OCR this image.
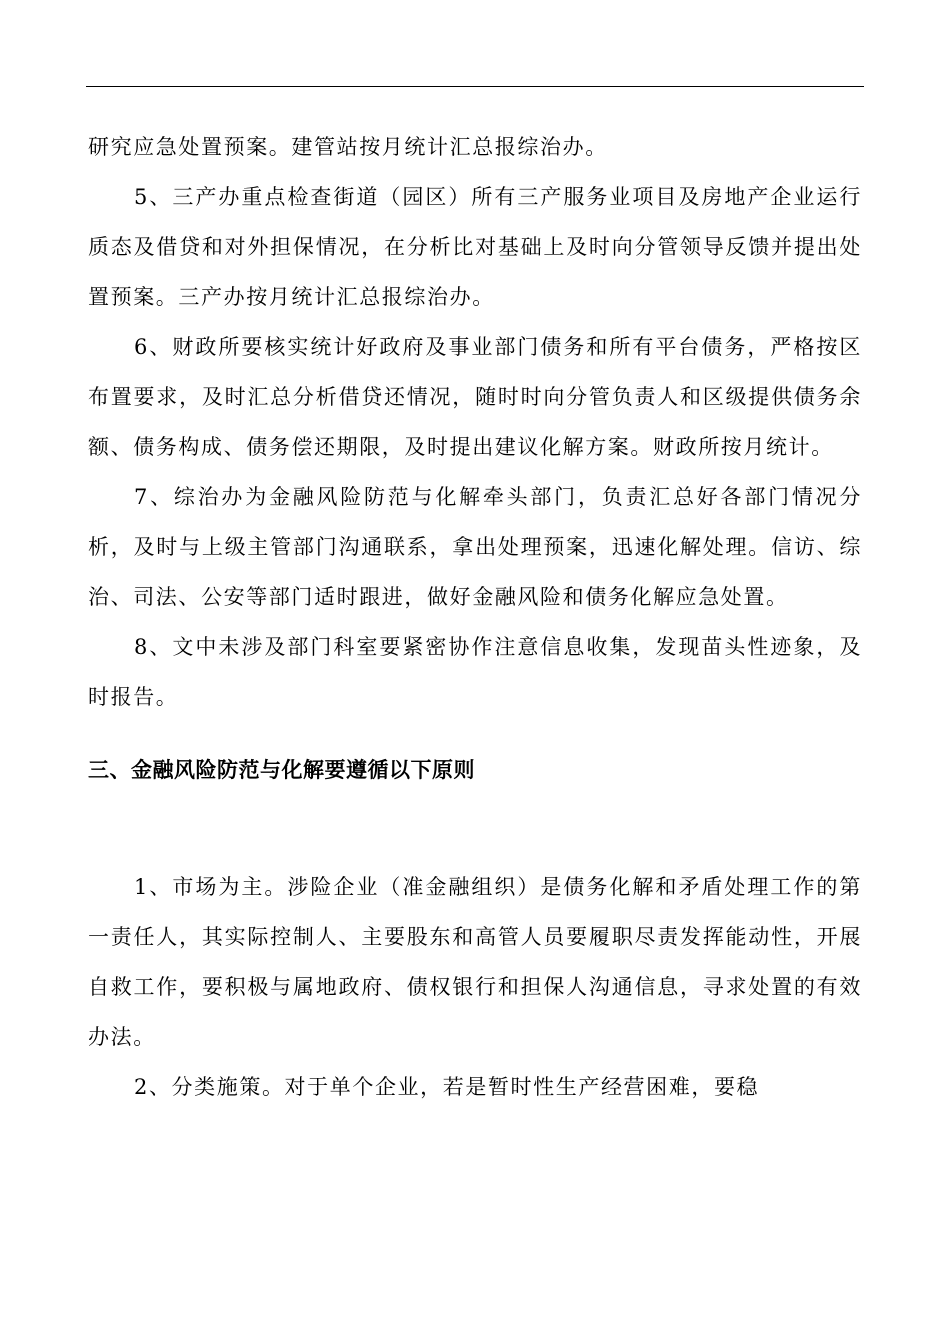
研究应急处置预案。建管站按月统计汇总报综治办。

5、三产办重点检查街道（园区）所有三产服务业项目及房地产企业运行质态及借贷和对外担保情况，在分析比对基础上及时向分管领导反馈并提出处置预案。三产办按月统计汇总报综治办。

6、财政所要核实统计好政府及事业部门债务和所有平台债务，严格按区布置要求，及时汇总分析借贷还情况，随时时向分管负责人和区级提供债务余额、债务构成、债务偿还期限，及时提出建议化解方案。财政所按月统计。

7、综治办为金融风险防范与化解牵头部门，负责汇总好各部门情况分析，及时与上级主管部门沟通联系，拿出处理预案，迅速化解处理。信访、综治、司法、公安等部门适时跟进，做好金融风险和债务化解应急处置。

8、文中未涉及部门科室要紧密协作注意信息收集，发现苗头性迹象，及时报告。

三、金融风险防范与化解要遵循以下原则

1、市场为主。涉险企业（准金融组织）是债务化解和矛盾处理工作的第一责任人，其实际控制人、主要股东和高管人员要履职尽责发挥能动性，开展自救工作，要积极与属地政府、债权银行和担保人沟通信息，寻求处置的有效办法。

2、分类施策。对于单个企业，若是暂时性生产经营困难，要稳
